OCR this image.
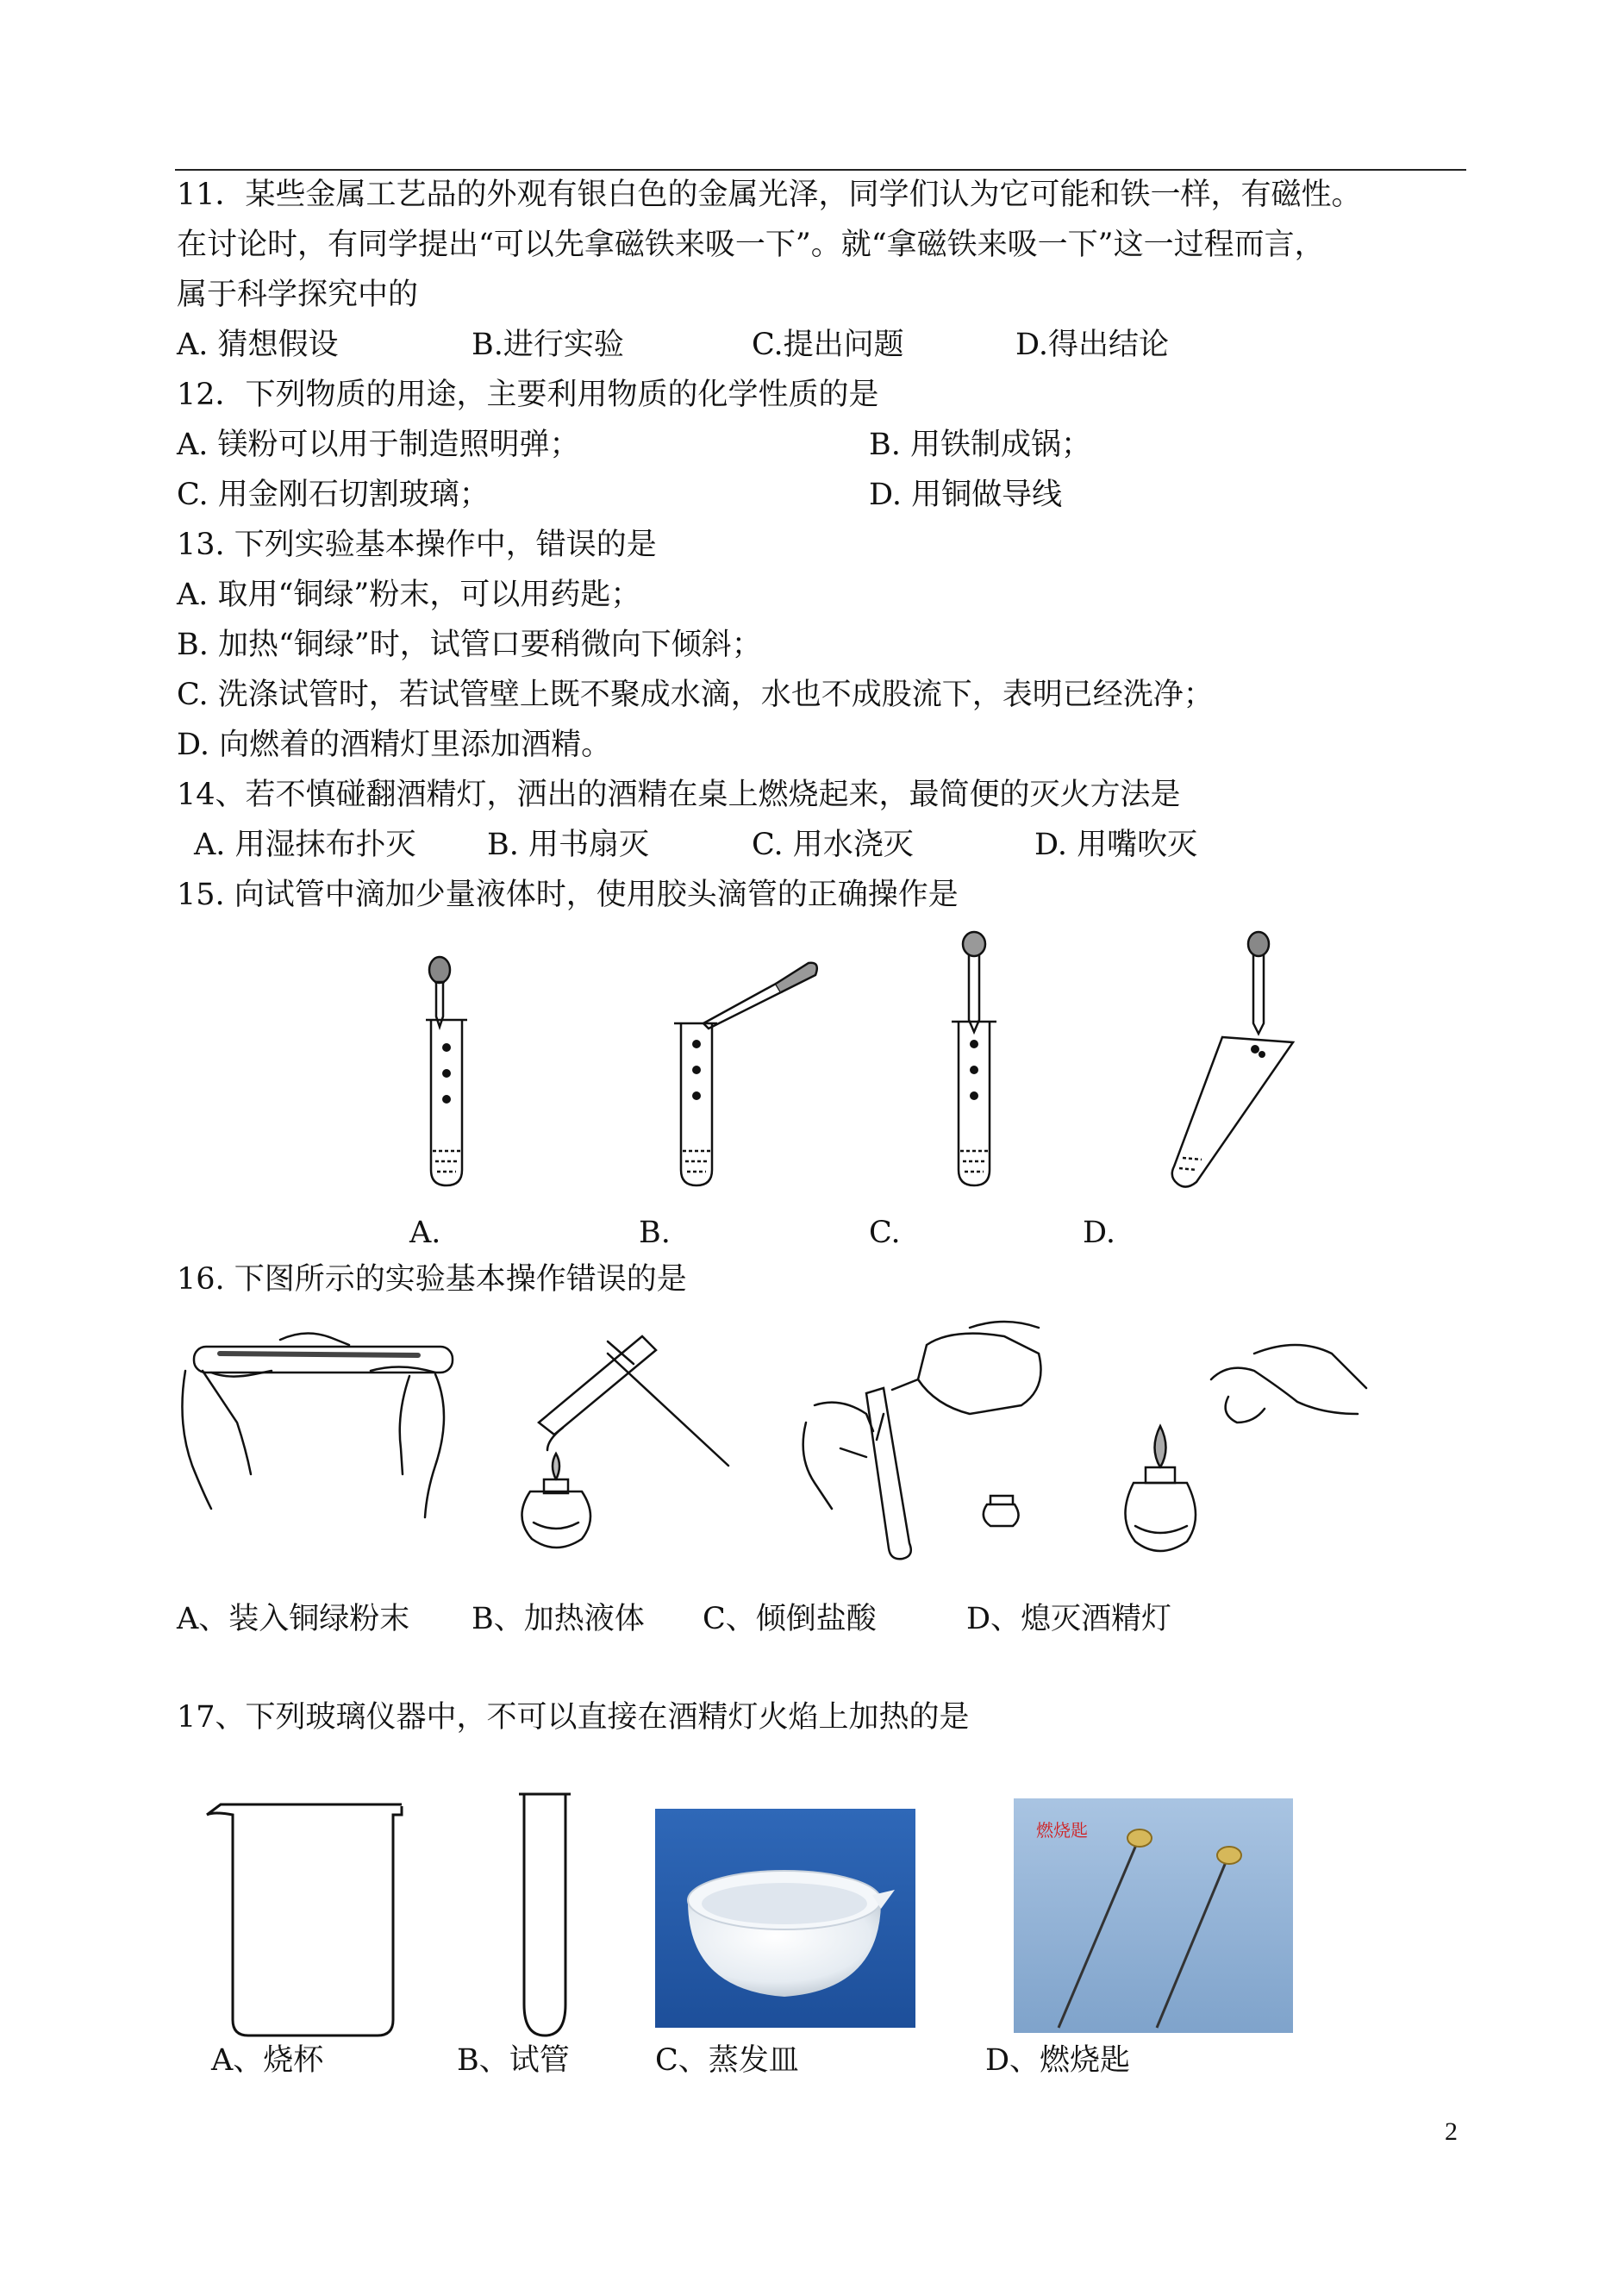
11．某些金属工艺品的外观有银白色的金属光泽，同学们认为它可能和铁一样，有磁性。
在讨论时，有同学提出“可以先拿磁铁来吸一下”。就“拿磁铁来吸一下”这一过程而言，
属于科学探究中的
A. 猜想假设	B.进行实验	C.提出问题	D.得出结论
12．下列物质的用途，主要利用物质的化学性质的是
A. 镁粉可以用于制造照明弹；	B. 用铁制成锅；
C. 用金刚石切割玻璃；	D. 用铜做导线
13. 下列实验基本操作中，错误的是
A. 取用“铜绿”粉末，可以用药匙；
B. 加热“铜绿”时，试管口要稍微向下倾斜；
C. 洗涤试管时，若试管壁上既不聚成水滴，水也不成股流下，表明已经洗净；
D. 向燃着的酒精灯里添加酒精。
14、若不慎碰翻酒精灯，洒出的酒精在桌上燃烧起来，最简便的灭火方法是
A. 用湿抹布扑灭 B. 用书扇灭	C. 用水浇灭	D. 用嘴吹灭
15. 向试管中滴加少量液体时，使用胶头滴管的正确操作是
A.	B.	C.	D.
16. 下图所示的实验基本操作错误的是
A、装入铜绿粉末 B、加热液体 C、倾倒盐酸	D、熄灭酒精灯
17、下列玻璃仪器中，不可以直接在酒精灯火焰上加热的是
燃烧匙
A、烧杯	B、试管	C、蒸发皿	D、燃烧匙
2
